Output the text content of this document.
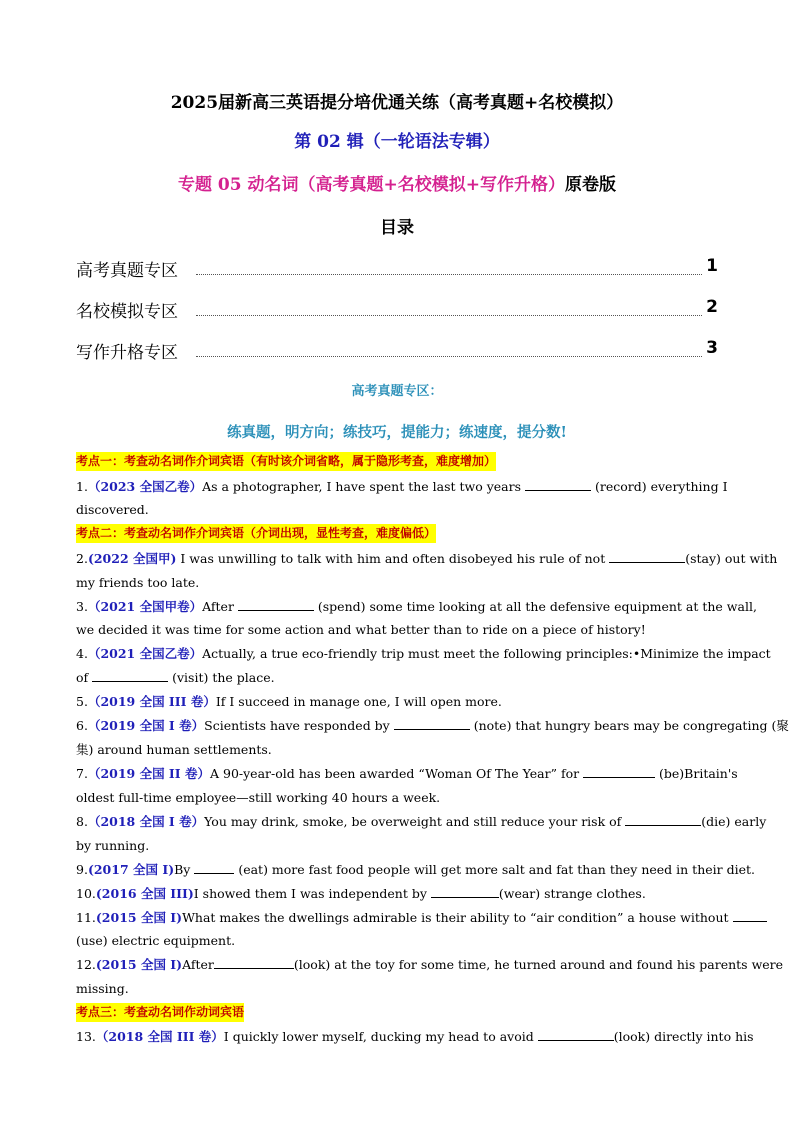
2025届新高三英语提分培优通关练（高考真题+名校模拟）
第 02 辑（一轮语法专辑）
专题 05 动名词（高考真题+名校模拟+写作升格）原卷版
目录
高考真题专区	1
名校模拟专区	2
写作升格专区	3
高考真题专区：
练真题，明方向；练技巧，提能力；练速度，提分数!
考点一：考查动名词作介词宾语（有时该介词省略，属于隐形考查，难度增加）
1.（2023 全国乙卷）As a photographer, I have spent the last two years	(record) everything I
discovered.
考点二：考查动名词作介词宾语（介词出现，显性考查，难度偏低）
2.(2022 全国甲) I was unwilling to talk with him and often disobeyed his rule of not	(stay) out with
my friends too late.
3.（2021 全国甲卷）After	(spend) some time looking at all the defensive equipment at the wall,
we decided it was time for some action and what better than to ride on a piece of history!
4.（2021 全国乙卷）Actually, a true eco-friendly trip must meet the following principles:•Minimize the impact
of	(visit) the place.
5.（2019 全国 III 卷）If I succeed in manage one, I will open more.
6.（2019 全国 I 卷）Scientists have responded by	(note) that hungry bears may be congregating (聚
集) around human settlements.
7.（2019 全国 II 卷）A 90-year-old has been awarded “Woman Of The Year” for	(be)Britain's
oldest full-time employee—still working 40 hours a week.
8.（2018 全国 I 卷）You may drink, smoke, be overweight and still reduce your risk of	(die) early
by running.
9.(2017 全国 I)By	(eat) more fast food people will get more salt and fat than they need in their diet.
10.(2016 全国 III)I showed them I was independent by	(wear) strange clothes.
11.(2015 全国 I)What makes the dwellings admirable is their ability to “air condition” a house without
(use) electric equipment.
12.(2015 全国 I)After	(look) at the toy for some time, he turned around and found his parents were
missing.
考点三：考查动名词作动词宾语
13.（2018 全国 III 卷）I quickly lower myself, ducking my head to avoid	(look) directly into his
